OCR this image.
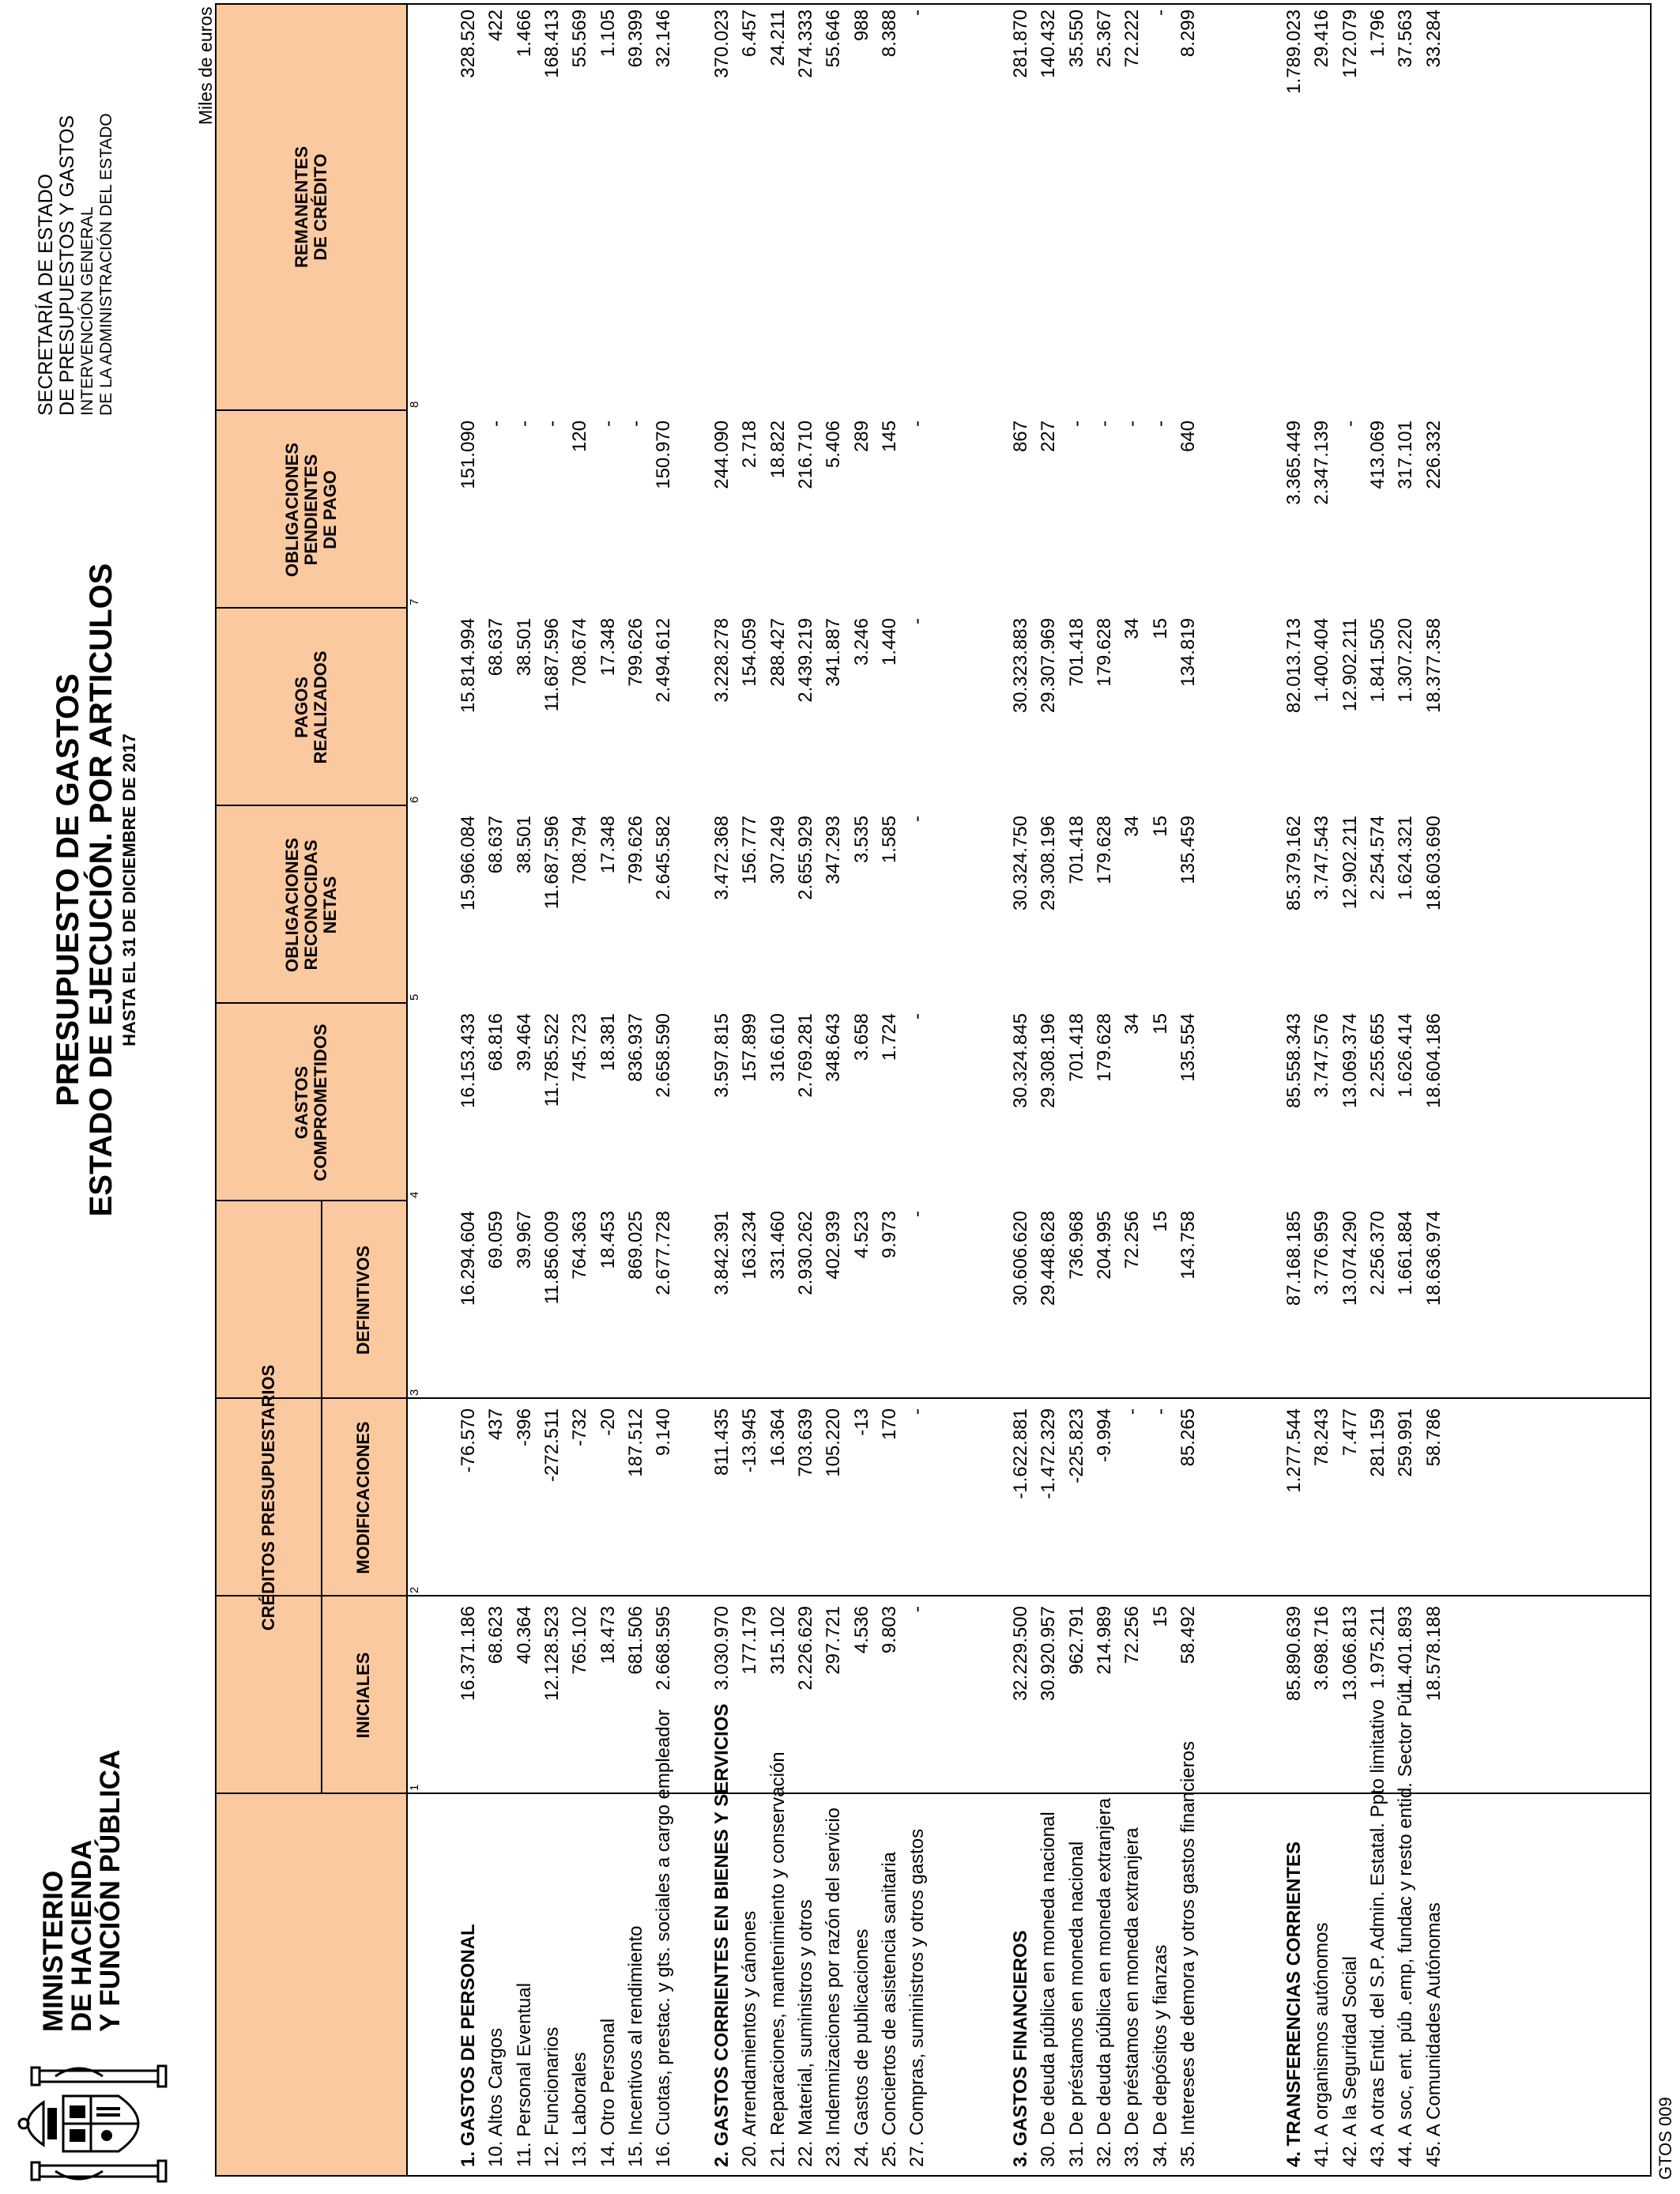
MINISTERIO
DE HACIENDA
Y FUNCIÓN PÚBLICA
PRESUPUESTO DE GASTOS
ESTADO DE EJECUCIÓN. POR ARTICULOS HASTA EL 31 DE DICIEMBRE DE 2017
SECRETARÍA DE ESTADO DE PRESUPUESTOS Y GASTOS INTERVENCIÓN GENERAL DE LA ADMINISTRACIÓN DEL ESTADO
Miles de euros
CRÉDITOS PRESUPUESTARIOS
INICIALES
MODIFICACIONES
DEFINITIVOS
GASTOS COMPROMETIDOS
OBLIGACIONES RECONOCIDAS NETAS
PAGOS REALIZADOS
OBLIGACIONES PENDIENTES DE PAGO
REMANENTES DE CRÉDITO
1
2
3
4
5
6
7
8
1. GASTOS DE PERSONAL
16.371.186
-76.570
16.294.604
16.153.433
15.966.084
15.814.994
151.090
328.520
10. Altos Cargos
68.623
437
69.059
68.816
68.637
68.637
-
422
11. Personal Eventual
40.364
-396
39.967
39.464
38.501
38.501
-
1.466
12. Funcionarios
12.128.523
-272.511
11.856.009
11.785.522
11.687.596
11.687.596
-
168.413
13. Laborales
765.102
-732
764.363
745.723
708.794
708.674
120
55.569
14. Otro Personal
18.473
-20
18.453
18.381
17.348
17.348
-
1.105
15. Incentivos al rendimiento
681.506
187.512
869.025
836.937
799.626
799.626
-
69.399
16. Cuotas, prestac. y gts. sociales a cargo empleador
2.668.595
9.140
2.677.728
2.658.590
2.645.582
2.494.612
150.970
32.146
2. GASTOS CORRIENTES EN BIENES Y SERVICIOS
3.030.970
811.435
3.842.391
3.597.815
3.472.368
3.228.278
244.090
370.023
20. Arrendamientos y cánones
177.179
-13.945
163.234
157.899
156.777
154.059
2.718
6.457
21. Reparaciones, mantenimiento y conservación
315.102
16.364
331.460
316.610
307.249
288.427
18.822
24.211
22. Material, suministros y otros
2.226.629
703.639
2.930.262
2.769.281
2.655.929
2.439.219
216.710
274.333
23. Indemnizaciones por razón del servicio
297.721
105.220
402.939
348.643
347.293
341.887
5.406
55.646
24. Gastos de publicaciones
4.536
-13
4.523
3.658
3.535
3.246
289
988
25. Conciertos de asistencia sanitaria
9.803
170
9.973
1.724
1.585
1.440
145
8.388
27. Compras, suministros y otros gastos
-
-
-
-
-
-
-
-
3. GASTOS FINANCIEROS
32.229.500
-1.622.881
30.606.620
30.324.845
30.324.750
30.323.883
867
281.870
30. De deuda pública en moneda nacional
30.920.957
-1.472.329
29.448.628
29.308.196
29.308.196
29.307.969
227
140.432
31. De préstamos en moneda nacional
962.791
-225.823
736.968
701.418
701.418
701.418
-
35.550
32. De deuda pública en moneda extranjera
214.989
-9.994
204.995
179.628
179.628
179.628
-
25.367
33. De préstamos en moneda extranjera
72.256
-
72.256
34
34
34
-
72.222
34. De depósitos y fianzas
15
-
15
15
15
15
-
-
35. Intereses de demora y otros gastos financieros
58.492
85.265
143.758
135.554
135.459
134.819
640
8.299
4. TRANSFERENCIAS CORRIENTES
85.890.639
1.277.544
87.168.185
85.558.343
85.379.162
82.013.713
3.365.449
1.789.023
41. A organismos autónomos
3.698.716
78.243
3.776.959
3.747.576
3.747.543
1.400.404
2.347.139
29.416
42. A la Seguridad Social
13.066.813
7.477
13.074.290
13.069.374
12.902.211
12.902.211
-
172.079
43. A otras Entid. del S.P. Admin. Estatal. Ppto limitativo
1.975.211
281.159
2.256.370
2.255.655
2.254.574
1.841.505
413.069
1.796
44. A soc, ent. púb .emp, fundac y resto entid. Sector Púb.
1.401.893
259.991
1.661.884
1.626.414
1.624.321
1.307.220
317.101
37.563
45. A Comunidades Autónomas
18.578.188
58.786
18.636.974
18.604.186
18.603.690
18.377.358
226.332
33.284
GTOS 009
